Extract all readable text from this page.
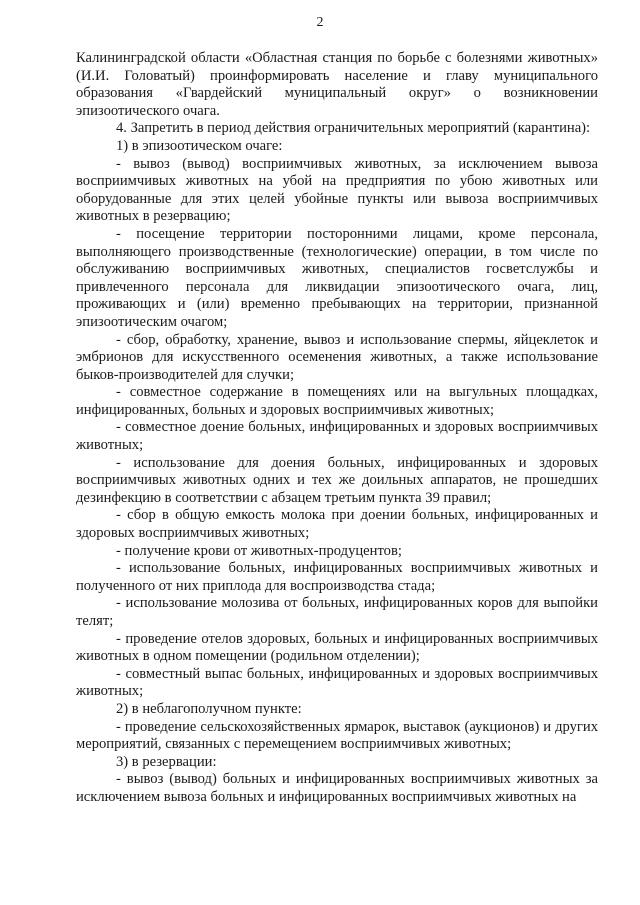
2

Калининградской области «Областная станция по борьбе с болезнями животных» (И.И. Головатый) проинформировать население и главу муниципального образования «Гвардейский муниципальный округ» о возникновении эпизоотического очага.

4. Запретить в период действия ограничительных мероприятий (карантина):

1) в эпизоотическом очаге:

- вывоз (вывод) восприимчивых животных, за исключением вывоза восприимчивых животных на убой на предприятия по убою животных или оборудованные для этих целей убойные пункты или вывоза восприимчивых животных в резервацию;

- посещение территории посторонними лицами, кроме персонала, выполняющего производственные (технологические) операции, в том числе по обслуживанию восприимчивых животных, специалистов госветслужбы и привлеченного персонала для ликвидации эпизоотического очага, лиц, проживающих и (или) временно пребывающих на территории, признанной эпизоотическим очагом;

- сбор, обработку, хранение, вывоз и использование спермы, яйцеклеток и эмбрионов для искусственного осеменения животных, а также использование быков-производителей для случки;

- совместное содержание в помещениях или на выгульных площадках, инфицированных, больных и здоровых восприимчивых животных;

- совместное доение больных, инфицированных и здоровых восприимчивых животных;

- использование для доения больных, инфицированных и здоровых восприимчивых животных одних и тех же доильных аппаратов, не прошедших дезинфекцию в соответствии с абзацем третьим пункта 39 правил;

- сбор в общую емкость молока при доении больных, инфицированных и здоровых восприимчивых животных;

- получение крови от животных-продуцентов;

- использование больных, инфицированных восприимчивых животных и полученного от них приплода для воспроизводства стада;

- использование молозива от больных, инфицированных коров для выпойки телят;

- проведение отелов здоровых, больных и инфицированных восприимчивых животных в одном помещении (родильном отделении);

- совместный выпас больных, инфицированных и здоровых восприимчивых животных;

2) в неблагополучном пункте:

- проведение сельскохозяйственных ярмарок, выставок (аукционов) и других мероприятий, связанных с перемещением восприимчивых животных;

3) в резервации:

- вывоз (вывод) больных и инфицированных восприимчивых животных за исключением вывоза больных и инфицированных восприимчивых животных на
